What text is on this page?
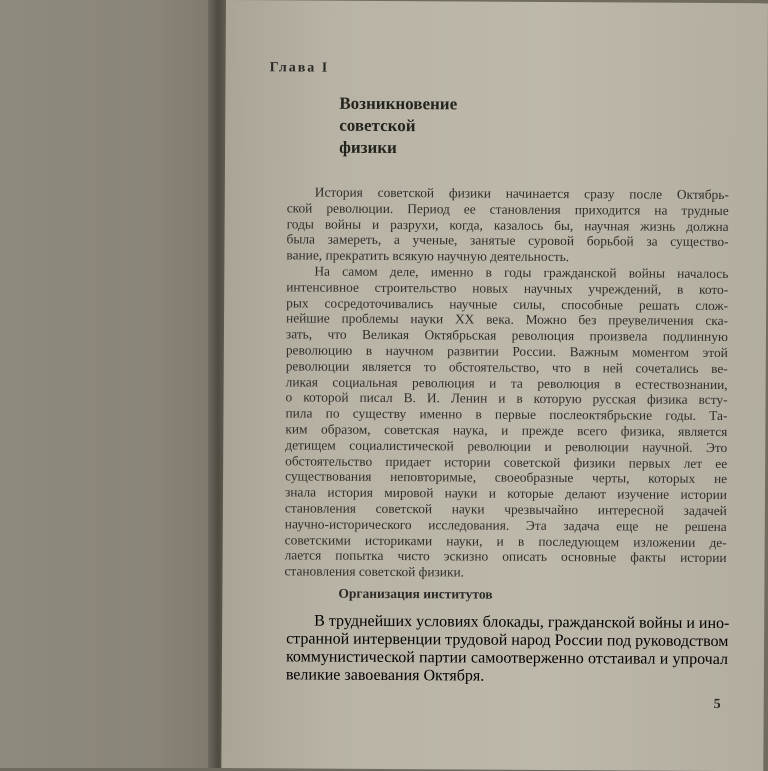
Глава I
Возникновение
советской
физики
История советской физики начинается сразу после Октябрь-
ской революции. Период ее становления приходится на трудные
годы войны и разрухи, когда, казалось бы, научная жизнь должна
была замереть, а ученые, занятые суровой борьбой за существо-
вание, прекратить всякую научную деятельность.
На самом деле, именно в годы гражданской войны началось
интенсивное строительство новых научных учреждений, в кото-
рых сосредоточивались научные силы, способные решать слож-
нейшие проблемы науки XX века. Можно без преувеличения ска-
зать, что Великая Октябрьская революция произвела подлинную
революцию в научном развитии России. Важным моментом этой
революции является то обстоятельство, что в ней сочетались ве-
ликая социальная революция и та революция в естествознании,
о которой писал В. И. Ленин и в которую русская физика всту-
пила по существу именно в первые послеоктябрьские годы. Та-
ким образом, советская наука, и прежде всего физика, является
детищем социалистической революции и революции научной. Это
обстоятельство придает истории советской физики первых лет ее
существования неповторимые, своеобразные черты, которых не
знала история мировой науки и которые делают изучение истории
становления советской науки чрезвычайно интересной задачей
научно-исторического исследования. Эта задача еще не решена
советскими историками науки, и в последующем изложении де-
лается попытка чисто эскизно описать основные факты истории
становления советской физики.
Организация институтов
В труднейших условиях блокады, гражданской войны и ино-
странной интервенции трудовой народ России под руководством
коммунистической партии самоотверженно отстаивал и упрочал
великие завоевания Октября.
5
